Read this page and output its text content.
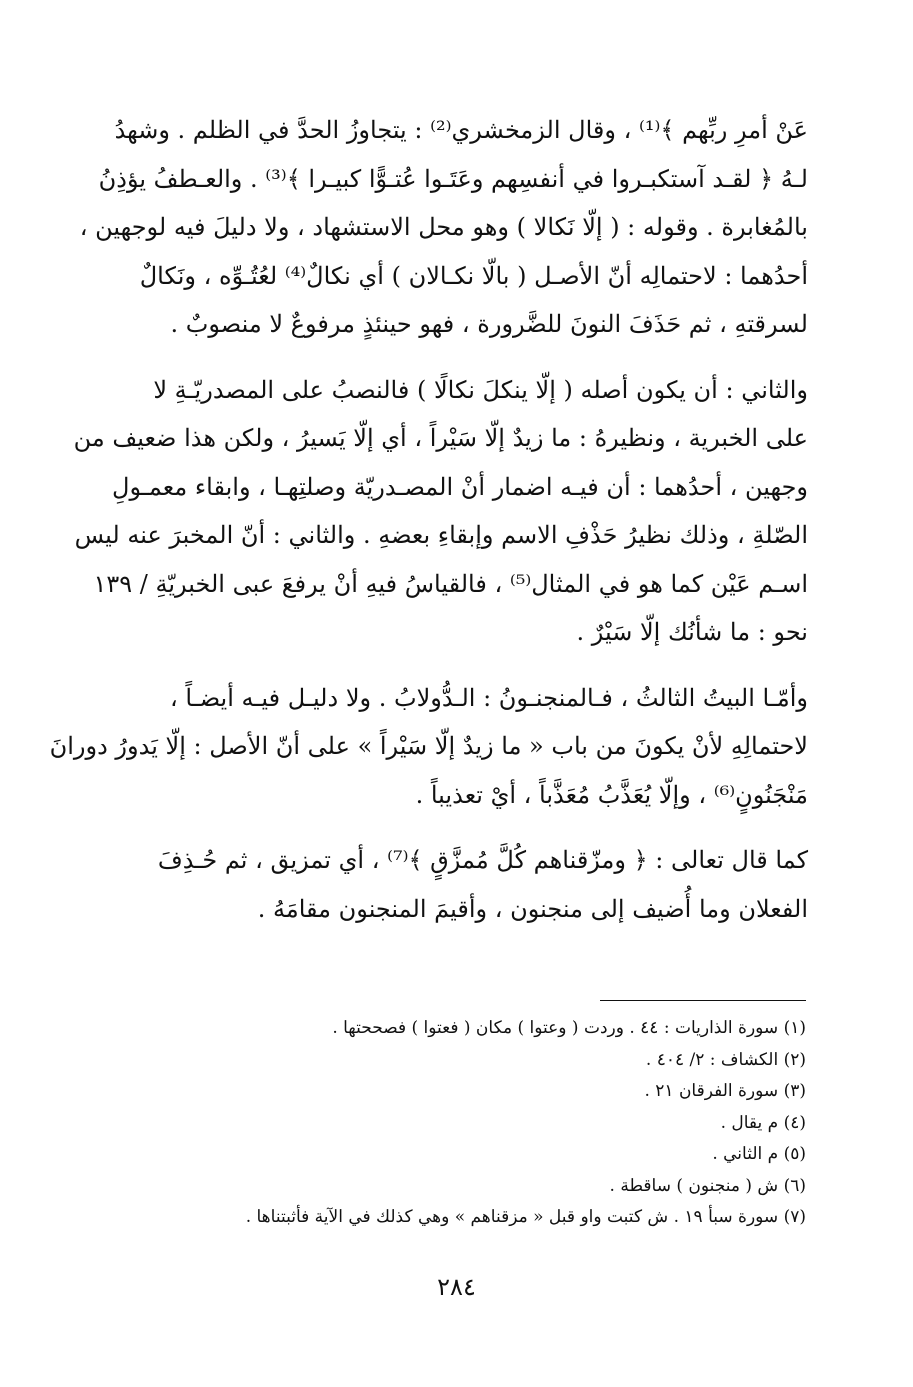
عَنْ أمرِ ربِّهم ﴾⁽¹⁾ ، وقال الزمخشري⁽²⁾ : يتجاوزُ الحدَّ في الظلم . وشهدُ
لـهُ ﴿ لقـد آستكبـروا في أنفسِهم وعَتَـوا عُتـوًّا كبيـرا ﴾⁽³⁾ . والعـطفُ يؤذِنُ
بالمُغابرة . وقوله : ( إلّا نَكالا ) وهو محل الاستشهاد ، ولا دليلَ فيه لوجهين ،
أحدُهما : لاحتمالِه أنّ الأصـل ( بالّا نكـالان ) أي نكالٌ⁽⁴⁾ لعُتُـوِّه ، ونَكالٌ
لسرقتهِ ، ثم حَذَفَ النونَ للضَّرورة ، فهو حينئذٍ مرفوعٌ لا منصوبٌ .

والثاني : أن يكون أصله ( إلّا ينكلَ نكالًا ) فالنصبُ على المصدريّـةِ لا
على الخبرية ، ونظيرهُ : ما زيدٌ إلّا سَيْراً ، أي إلّا يَسيرُ ، ولكن هذا ضعيف من
وجهين ، أحدُهما : أن فيـه اضمار أنْ المصـدريّة وصلتِهـا ، وابقاء معمـولِ
الصّلةِ ، وذلك نظيرُ حَذْفِ الاسم وإبقاءِ بعضهِ . والثاني : أنّ المخبرَ عنه ليس
اسـم عَيْن كما هو في المثال⁽⁵⁾ ، فالقياسُ فيهِ أنْ يرفعَ عبى الخبريّةِ / ١٣٩
نحو : ما شأنُك إلّا سَيْرٌ .

وأمّـا البيتُ الثالثُ ، فـالمنجنـونُ : الـدُّولابُ . ولا دليـل فيـه أيضـاً ،
لاحتمالِهِ لأنْ يكونَ من باب « ما زيدٌ إلّا سَيْراً » على أنّ الأصل : إلّا يَدورُ دورانَ
مَنْجَنُونٍ⁽⁶⁾ ، وإلّا يُعَذَّبُ مُعَذَّباً ، أيْ تعذيباً .

كما قال تعالى : ﴿ ومزّقناهم كُلَّ مُمزَّقٍ ﴾⁽⁷⁾ ، أي تمزيق ، ثم حُـذِفَ
الفعلان وما أُضيف إلى منجنون ، وأقيمَ المنجنون مقامَهُ .

(١) سورة الذاريات : ٤٤ . وردت ( وعتوا ) مكان ( فعتوا ) فصححتها .
(٢) الكشاف : ٢/ ٤٠٤ .
(٣) سورة الفرقان ٢١ .
(٤) م يقال .
(٥) م الثاني .
(٦) ش ( منجنون ) ساقطة .
(٧) سورة سبأ ١٩ . ش كتبت واو قبل « مزقناهم » وهي كذلك في الآية فأثبتناها .
٢٨٤
